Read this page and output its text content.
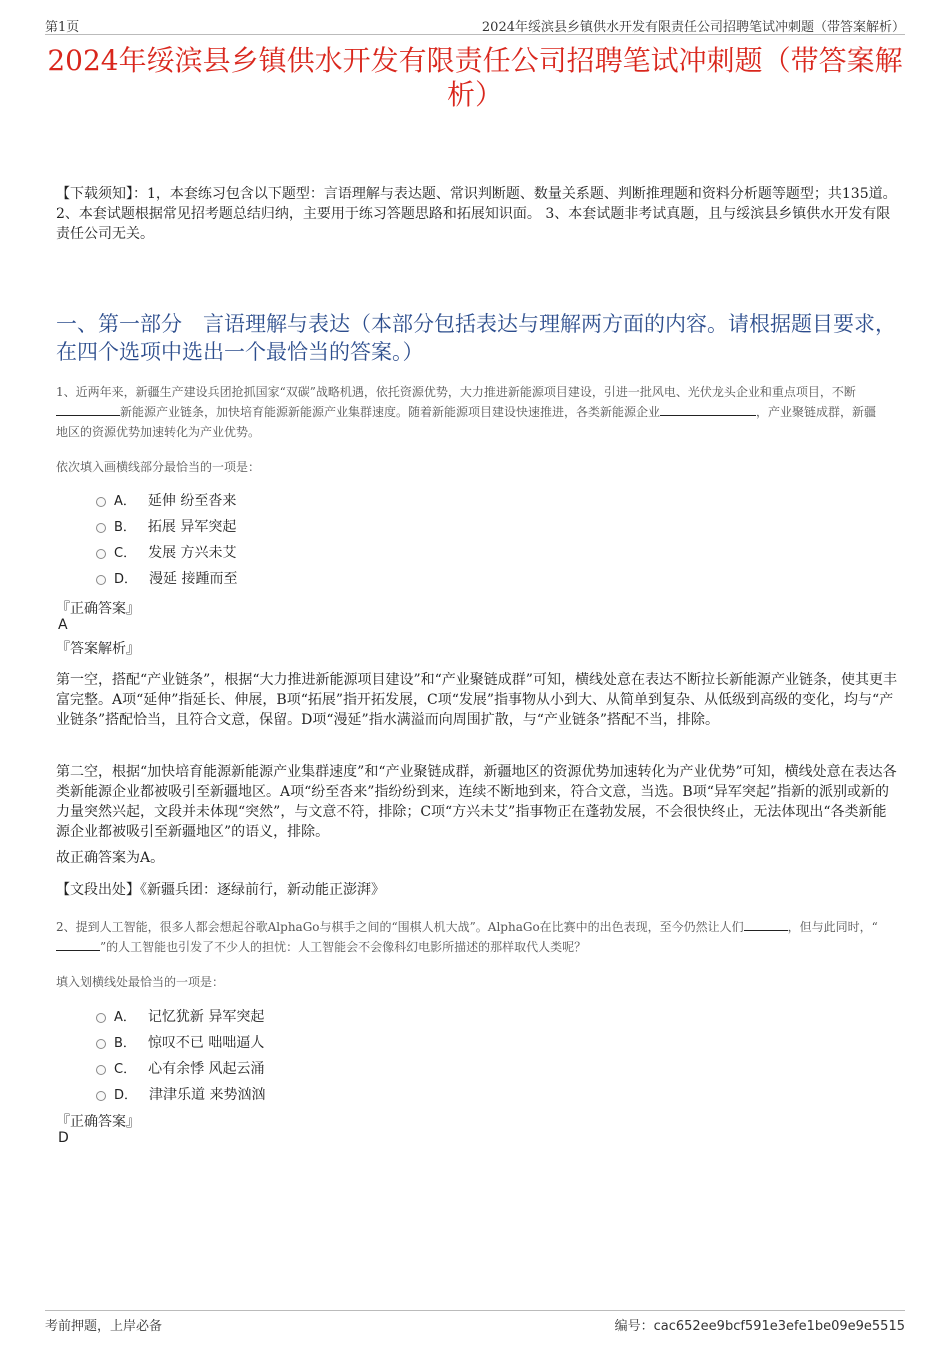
第1页	2024年绥滨县乡镇供水开发有限责任公司招聘笔试冲刺题（带答案解析）
2024年绥滨县乡镇供水开发有限责任公司招聘笔试冲刺题（带答案解析）
【下载须知】：1，本套练习包含以下题型：言语理解与表达题、常识判断题、数量关系题、判断推理题和资料分析题等题型；共135道。 2、本套试题根据常见招考题总结归纳，主要用于练习答题思路和拓展知识面。 3、本套试题非考试真题，且与绥滨县乡镇供水开发有限责任公司无关。
一、第一部分　言语理解与表达（本部分包括表达与理解两方面的内容。请根据题目要求，在四个选项中选出一个最恰当的答案。）
1、近两年来，新疆生产建设兵团抢抓国家“双碳”战略机遇，依托资源优势，大力推进新能源项目建设，引进一批风电、光伏龙头企业和重点项目，不断新能源产业链条，加快培育能源新能源产业集群速度。随着新能源项目建设快速推进，各类新能源企业	，产业聚链成群，新疆地区的资源优势加速转化为产业优势。
依次填入画横线部分最恰当的一项是：
A． 延伸 纷至沓来
B． 拓展 异军突起
C． 发展 方兴未艾
D． 漫延 接踵而至
『正确答案』
A
『答案解析』
第一空，搭配“产业链条”，根据“大力推进新能源项目建设”和“产业聚链成群”可知，横线处意在表达不断拉长新能源产业链条，使其更丰富完整。A项“延伸”指延长、伸展，B项“拓展”指开拓发展，C项“发展”指事物从小到大、从简单到复杂、从低级到高级的变化，均与“产业链条”搭配恰当，且符合文意，保留。D项“漫延”指水满溢而向周围扩散，与“产业链条”搭配不当，排除。
第二空，根据“加快培育能源新能源产业集群速度”和“产业聚链成群，新疆地区的资源优势加速转化为产业优势”可知，横线处意在表达各类新能源企业都被吸引至新疆地区。A项“纷至沓来”指纷纷到来，连续不断地到来，符合文意，当选。B项“异军突起”指新的派别或新的力量突然兴起，文段并未体现“突然”，与文意不符，排除；C项“方兴未艾”指事物正在蓬勃发展，不会很快终止，无法体现出“各类新能源企业都被吸引至新疆地区”的语义，排除。
故正确答案为A。
【文段出处】《新疆兵团：逐绿前行，新动能正澎湃》
2、提到人工智能，很多人都会想起谷歌AlphaGo与棋手之间的“围棋人机大战”。AlphaGo在比赛中的出色表现，至今仍然让人们	，但与此同时，“”的人工智能也引发了不少人的担忧：人工智能会不会像科幻电影所描述的那样取代人类呢？
填入划横线处最恰当的一项是：
A． 记忆犹新 异军突起
B． 惊叹不已 咄咄逼人
C． 心有余悸 风起云涌
D． 津津乐道 来势汹汹
『正确答案』
D
考前押题，上岸必备	编号：cac652ee9bcf591e3efe1be09e9e5515
